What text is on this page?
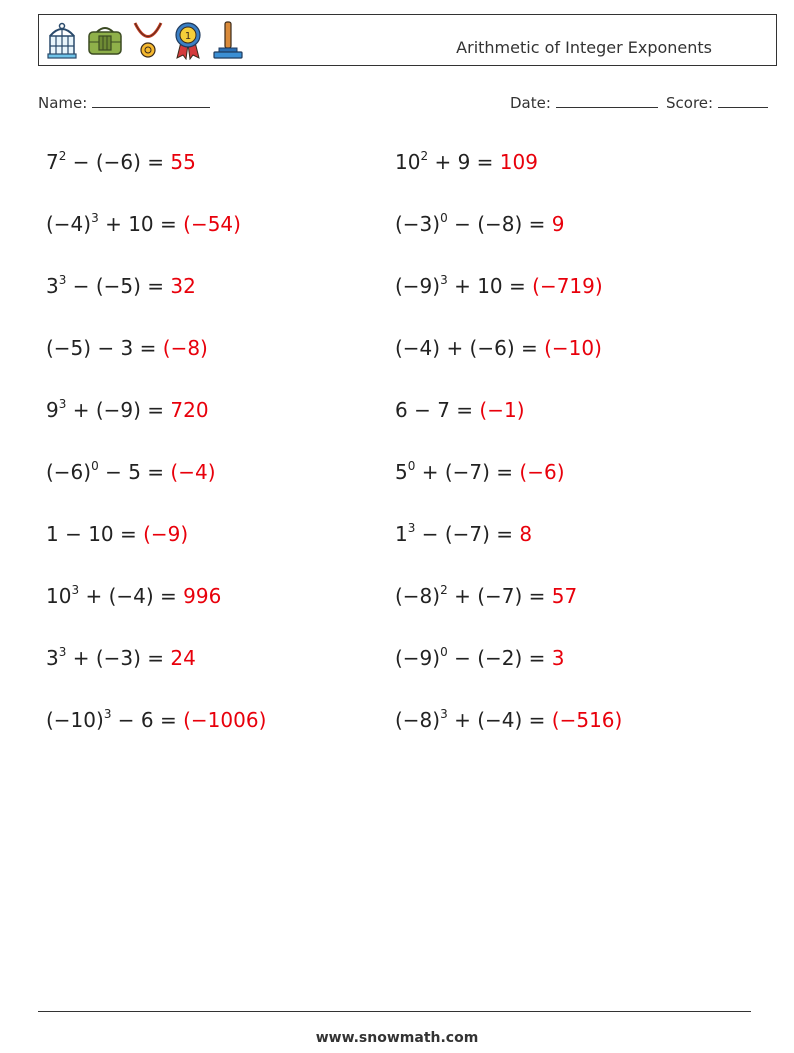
1
Arithmetic of Integer Exponents
Name:	Date:	Score:
$7^2 - (-6) = 55$	$10^2 + 9 = 109$
$(-4)^3 + 10 = (-54)$	$(-3)^0 - (-8) = 9$
$3^3 - (-5) = 32$	$(-9)^3 + 10 = (-719)$
(−5) − 3 = (−8)	(−4) + (−6) = (−10)
$9^3 + (-9) = 720$	6 − 7 = (−1)
$(-6)^0 - 5 = (-4)$	$5^0 + (-7) = (-6)$
1 − 10 = (−9)	$1^3 - (-7) = 8$
$10^3 + (-4) = 996$	$(-8)^2 + (-7) = 57$
$3^3 + (-3) = 24$	$(-9)^0 - (-2) = 3$
$(-10)^3 - 6 = (-1006)$	$(-8)^3 + (-4) = (-516)$
www.snowmath.com
